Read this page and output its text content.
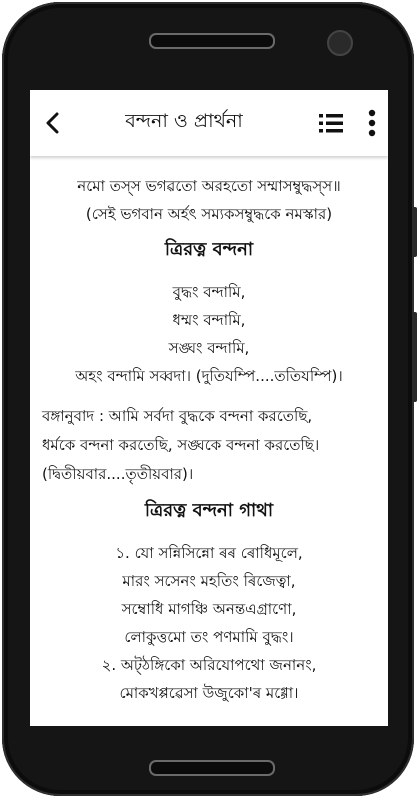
বন্দনা ও প্ৰাৰ্থনা
নমো তস্স ভগৱতো অরহতো সম্মাসম্বুদ্ধস্স॥
(সেই ভগবান অৰ্হৎ সম্যকসম্বুদ্ধকে নমস্কার)
ত্রিরত্ন বন্দনা
বুদ্ধং বন্দামি,
ধম্মং বন্দামি,
সঙ্ঘং বন্দামি,
অহং বন্দামি সব্বদা। (দুতিযম্পি....ততিযম্পি)।
বঙ্গানুবাদ : আমি সর্বদা বুদ্ধকে বন্দনা করতেছি,
ধর্মকে বন্দনা করতেছি, সঙ্ঘকে বন্দনা করতেছি।
(দ্বিতীয়বার....তৃতীয়বার)।
ত্রিরত্ন বন্দনা গাথা
১. যো সন্নিসিন্নো ৰৰ ৰোধিমূলে,
মারং সসেনং মহতিং ৰিজেত্বা,
সম্বোধি মাগঞ্চি অনন্তএগ্রাণো,
লোকুত্তমো তং পণমামি বুদ্ধং।
২. অট্ঠঙ্গিকো অরিযোপথো জনানং,
মোকখপ্পৱেসা উজুকো'ৰ মগ্গো।
